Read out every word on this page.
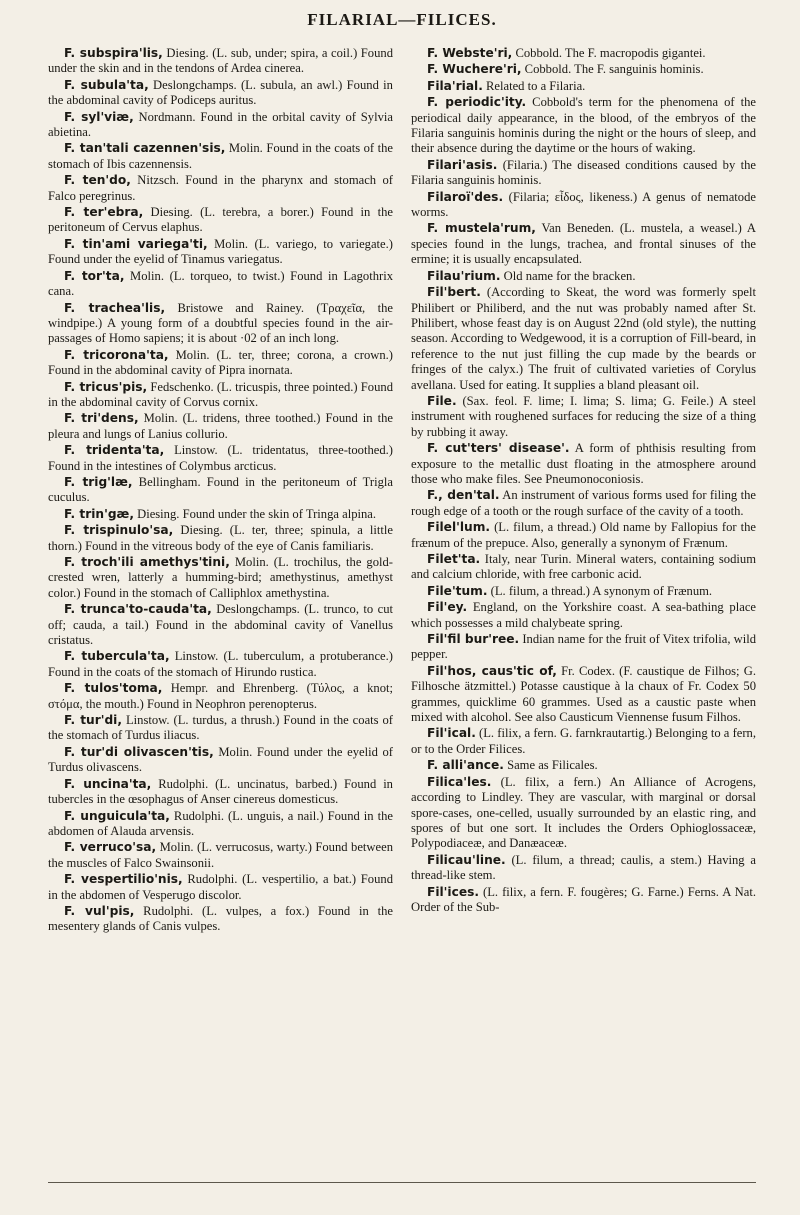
FILARIAL—FILICES.

F. subspira'lis, Diesing. (L. sub, under; spira, a coil.) Found under the skin and in the tendons of Ardea cinerea.

F. subula'ta, Deslongchamps. (L. subula, an awl.) Found in the abdominal cavity of Podiceps auritus.

F. syl'viæ, Nordmann. Found in the orbital cavity of Sylvia abietina.

F. tan'tali cazennen'sis, Molin. Found in the coats of the stomach of Ibis cazennensis.

F. ten'do, Nitzsch. Found in the pharynx and stomach of Falco peregrinus.

F. ter'ebra, Diesing. (L. terebra, a borer.) Found in the peritoneum of Cervus elaphus.

F. tin'ami variega'ti, Molin. (L. variego, to variegate.) Found under the eyelid of Tinamus variegatus.

F. tor'ta, Molin. (L. torqueo, to twist.) Found in Lagothrix cana.

F. trachea'lis, Bristowe and Rainey. (Τραχεῖα, the windpipe.) A young form of a doubtful species found in the air-passages of Homo sapiens; it is about ·02 of an inch long.

F. tricorona'ta, Molin. (L. ter, three; corona, a crown.) Found in the abdominal cavity of Pipra inornata.

F. tricus'pis, Fedschenko. (L. tricuspis, three pointed.) Found in the abdominal cavity of Corvus cornix.

F. tri'dens, Molin. (L. tridens, three toothed.) Found in the pleura and lungs of Lanius collurio.

F. tridenta'ta, Linstow. (L. tridentatus, three-toothed.) Found in the intestines of Colymbus arcticus.

F. trig'læ, Bellingham. Found in the peritoneum of Trigla cuculus.

F. trin'gæ, Diesing. Found under the skin of Tringa alpina.

F. trispinulo'sa, Diesing. (L. ter, three; spinula, a little thorn.) Found in the vitreous body of the eye of Canis familiaris.

F. troch'ili amethys'tini, Molin. (L. trochilus, the gold-crested wren, latterly a humming-bird; amethystinus, amethyst color.) Found in the stomach of Calliphlox amethystina.

F. trunca'to-cauda'ta, Deslongchamps. (L. trunco, to cut off; cauda, a tail.) Found in the abdominal cavity of Vanellus cristatus.

F. tubercula'ta, Linstow. (L. tuberculum, a protuberance.) Found in the coats of the stomach of Hirundo rustica.

F. tulos'toma, Hempr. and Ehrenberg. (Τύλος, a knot; στόμα, the mouth.) Found in Neophron perenopterus.

F. tur'di, Linstow. (L. turdus, a thrush.) Found in the coats of the stomach of Turdus iliacus.

F. tur'di olivascen'tis, Molin. Found under the eyelid of Turdus olivascens.

F. uncina'ta, Rudolphi. (L. uncinatus, barbed.) Found in tubercles in the œsophagus of Anser cinereus domesticus.

F. unguicula'ta, Rudolphi. (L. unguis, a nail.) Found in the abdomen of Alauda arvensis.

F. verruco'sa, Molin. (L. verrucosus, warty.) Found between the muscles of Falco Swainsonii.

F. vespertilio'nis, Rudolphi. (L. vespertilio, a bat.) Found in the abdomen of Vesperugo discolor.

F. vul'pis, Rudolphi. (L. vulpes, a fox.) Found in the mesentery glands of Canis vulpes.

F. Webste'ri, Cobbold. The F. macropodis gigantei.

F. Wuchere'ri, Cobbold. The F. sanguinis hominis.

Fila'rial. Related to a Filaria.

F. periodic'ity. Cobbold's term for the phenomena of the periodical daily appearance, in the blood, of the embryos of the Filaria sanguinis hominis during the night or the hours of sleep, and their absence during the daytime or the hours of waking.

Filari'asis. (Filaria.) The diseased conditions caused by the Filaria sanguinis hominis.

Filaroï'des. (Filaria; εἶδος, likeness.) A genus of nematode worms.

F. mustela'rum, Van Beneden. (L. mustela, a weasel.) A species found in the lungs, trachea, and frontal sinuses of the ermine; it is usually encapsulated.

Filau'rium. Old name for the bracken.

Fil'bert. (According to Skeat, the word was formerly spelt Philibert or Philiberd, and the nut was probably named after St. Philibert, whose feast day is on August 22nd (old style), the nutting season. According to Wedgewood, it is a corruption of Fill-beard, in reference to the nut just filling the cup made by the beards or fringes of the calyx.) The fruit of cultivated varieties of Corylus avellana. Used for eating. It supplies a bland pleasant oil.

File. (Sax. feol. F. lime; I. lima; S. lima; G. Feile.) A steel instrument with roughened surfaces for reducing the size of a thing by rubbing it away.

F. cut'ters' disease'. A form of phthisis resulting from exposure to the metallic dust floating in the atmosphere around those who make files. See Pneumonoconiosis.

F., den'tal. An instrument of various forms used for filing the rough edge of a tooth or the rough surface of the cavity of a tooth.

Filel'lum. (L. filum, a thread.) Old name by Fallopius for the frænum of the prepuce. Also, generally a synonym of Frænum.

Filet'ta. Italy, near Turin. Mineral waters, containing sodium and calcium chloride, with free carbonic acid.

File'tum. (L. filum, a thread.) A synonym of Frænum.

Fil'ey. England, on the Yorkshire coast. A sea-bathing place which possesses a mild chalybeate spring.

Fil'fil bur'ree. Indian name for the fruit of Vitex trifolia, wild pepper.

Fil'hos, caus'tic of, Fr. Codex. (F. caustique de Filhos; G. Filhosche ätzmittel.) Potasse caustique à la chaux of Fr. Codex 50 grammes, quicklime 60 grammes. Used as a caustic paste when mixed with alcohol. See also Causticum Viennense fusum Filhos.

Fil'ical. (L. filix, a fern. G. farnkrautartig.) Belonging to a fern, or to the Order Filices.

F. alli'ance. Same as Filicales.

Filica'les. (L. filix, a fern.) An Alliance of Acrogens, according to Lindley. They are vascular, with marginal or dorsal spore-cases, one-celled, usually surrounded by an elastic ring, and spores of but one sort. It includes the Orders Ophioglossaceæ, Polypodiaceæ, and Danæaceæ.

Filicau'line. (L. filum, a thread; caulis, a stem.) Having a thread-like stem.

Fil'ices. (L. filix, a fern. F. fougères; G. Farne.) Ferns. A Nat. Order of the Sub-
